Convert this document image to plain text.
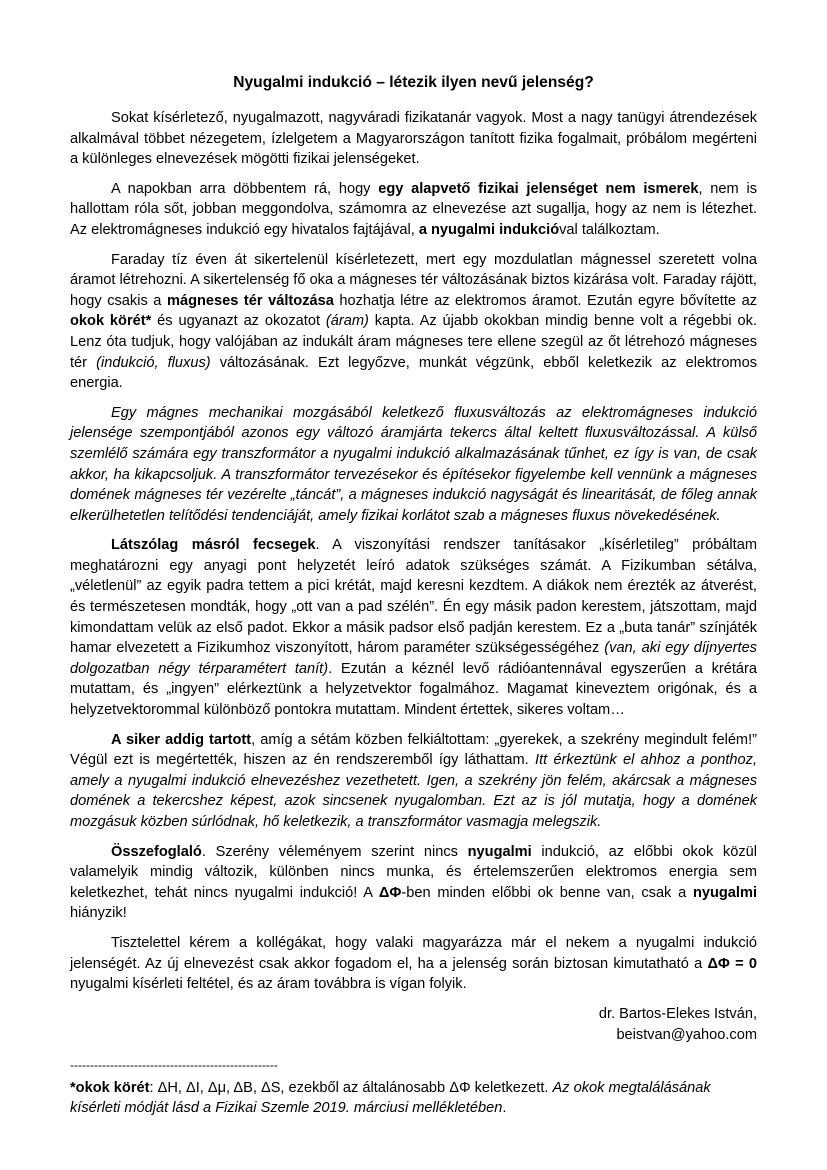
Nyugalmi indukció – létezik ilyen nevű jelenség?

Sokat kísérletező, nyugalmazott, nagyváradi fizikatanár vagyok. Most a nagy tanügyi átrendezések alkalmával többet nézegetem, ízlelgetem a Magyarországon tanított fizika fogalmait, próbálom megérteni a különleges elnevezések mögötti fizikai jelenségeket.

A napokban arra döbbentem rá, hogy egy alapvető fizikai jelenséget nem ismerek, nem is hallottam róla sőt, jobban meggondolva, számomra az elnevezése azt sugallja, hogy az nem is létezhet. Az elektromágneses indukció egy hivatalos fajtájával, a nyugalmi indukcióval találkoztam.

Faraday tíz éven át sikertelenül kísérletezett, mert egy mozdulatlan mágnessel szeretett volna áramot létrehozni. A sikertelenség fő oka a mágneses tér változásának biztos kizárása volt. Faraday rájött, hogy csakis a mágneses tér változása hozhatja létre az elektromos áramot. Ezután egyre bővítette az okok körét* és ugyanazt az okozatot (áram) kapta. Az újabb okokban mindig benne volt a régebbi ok. Lenz óta tudjuk, hogy valójában az indukált áram mágneses tere ellene szegül az őt létrehozó mágneses tér (indukció, fluxus) változásának. Ezt legyőzve, munkát végzünk, ebből keletkezik az elektromos energia.

Egy mágnes mechanikai mozgásából keletkező fluxusváltozás az elektromágneses indukció jelensége szempontjából azonos egy változó áramjárta tekercs által keltett fluxusváltozással. A külső szemlélő számára egy transzformátor a nyugalmi indukció alkalmazásának tűnhet, ez így is van, de csak akkor, ha kikapcsoljuk. A transzformátor tervezésekor és építésekor figyelembe kell vennünk a mágneses domének mágneses tér vezérelte „táncát”, a mágneses indukció nagyságát és linearitását, de főleg annak elkerülhetetlen telítődési tendenciáját, amely fizikai korlátot szab a mágneses fluxus növekedésének.

Látszólag másról fecsegek. A viszonyítási rendszer tanításakor „kísérletileg” próbáltam meghatározni egy anyagi pont helyzetét leíró adatok szükséges számát. A Fizikumban sétálva, „véletlenül” az egyik padra tettem a pici krétát, majd keresni kezdtem. A diákok nem érezték az átverést, és természetesen mondták, hogy „ott van a pad szélén”. Én egy másik padon kerestem, játszottam, majd kimondattam velük az első padot. Ekkor a másik padsor első padján kerestem. Ez a „buta tanár” színjáték hamar elvezetett a Fizikumhoz viszonyított, három paraméter szükségességéhez (van, aki egy díjnyertes dolgozatban négy térparamétert tanít). Ezután a kéznél levő rádióantennával egyszerűen a krétára mutattam, és „ingyen” elérkeztünk a helyzetvektor fogalmához. Magamat kineveztem origónak, és a helyzetvektorommal különböző pontokra mutattam. Mindent értettek, sikeres voltam…

A siker addig tartott, amíg a sétám közben felkiáltottam: „gyerekek, a szekrény megindult felém!” Végül ezt is megértették, hiszen az én rendszeremből így láthattam. Itt érkeztünk el ahhoz a ponthoz, amely a nyugalmi indukció elnevezéshez vezethetett. Igen, a szekrény jön felém, akárcsak a mágneses domének a tekercshez képest, azok sincsenek nyugalomban. Ezt az is jól mutatja, hogy a domének mozgásuk közben súrlódnak, hő keletkezik, a transzformátor vasmagja melegszik.

Összefoglaló. Szerény véleményem szerint nincs nyugalmi indukció, az előbbi okok közül valamelyik mindig változik, különben nincs munka, és értelemszerűen elektromos energia sem keletkezhet, tehát nincs nyugalmi indukció! A ΔΦ-ben minden előbbi ok benne van, csak a nyugalmi hiányzik!

Tisztelettel kérem a kollégákat, hogy valaki magyarázza már el nekem a nyugalmi indukció jelenségét. Az új elnevezést csak akkor fogadom el, ha a jelenség során biztosan kimutatható a ΔΦ = 0 nyugalmi kísérleti feltétel, és az áram továbbra is vígan folyik.

dr. Bartos-Elekes István,
beistvan@yahoo.com
----------------------------------------------------
*okok körét: ΔH, ΔI, Δμ, ΔB, ΔS, ezekből az általánosabb ΔΦ keletkezett. Az okok megtalálásának kísérleti módját lásd a Fizikai Szemle 2019. márciusi mellékletében.
